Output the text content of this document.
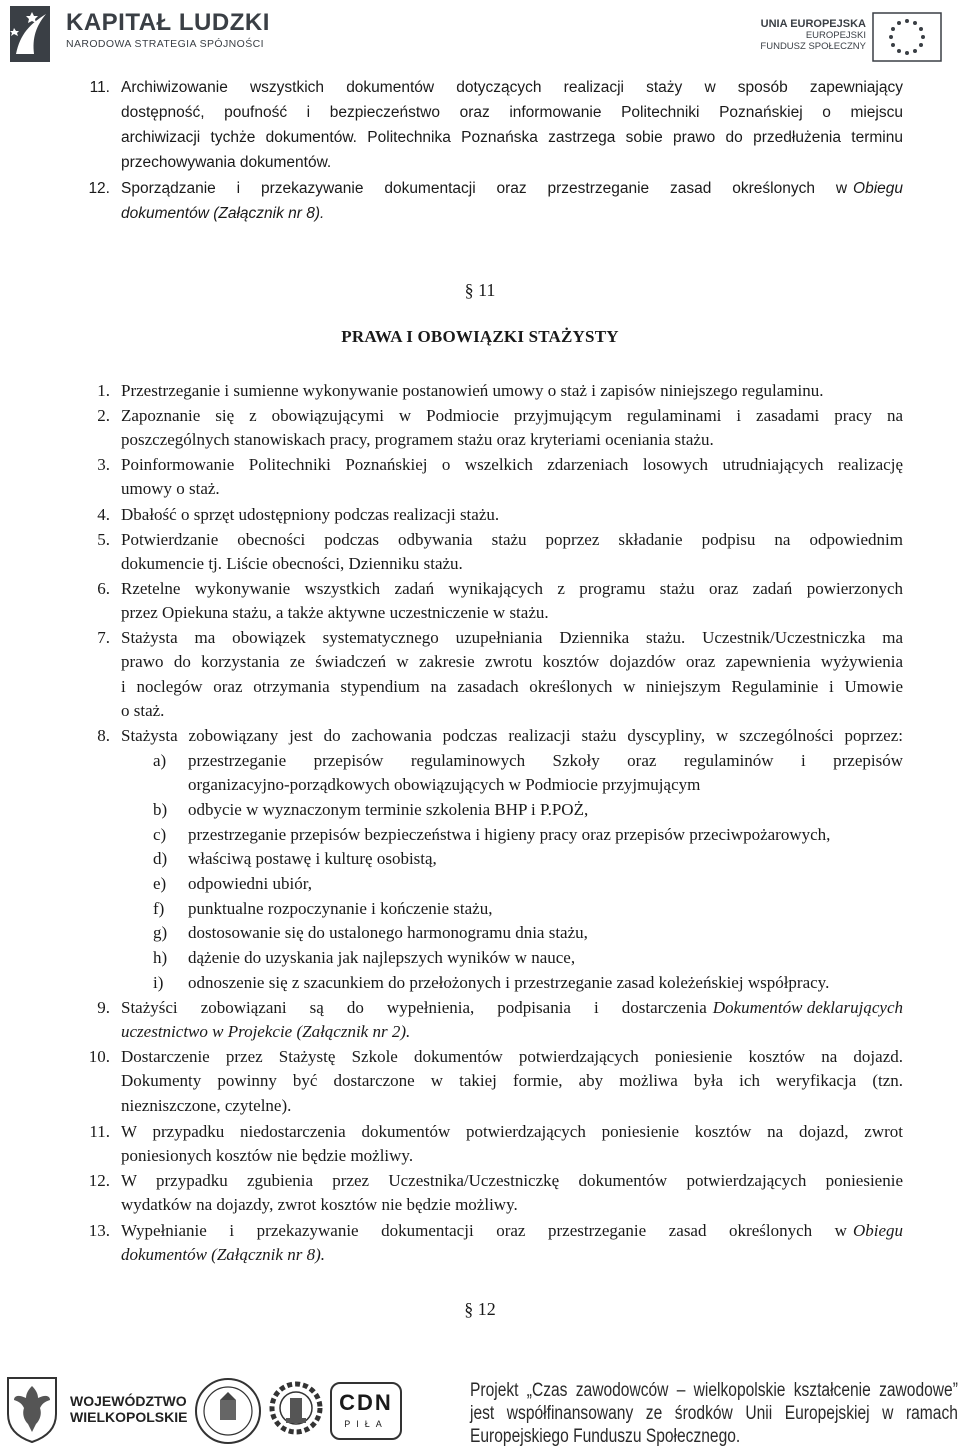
KAPITAŁ LUDZKI
NARODOWA STRATEGIA SPÓJNOŚCI
UNIA EUROPEJSKA
EUROPEJSKI
FUNDUSZ SPOŁECZNY
11. Archiwizowanie wszystkich dokumentów dotyczących realizacji staży w sposób zapewniający
dostępność, poufność i bezpieczeństwo oraz informowanie Politechniki Poznańskiej o miejscu
archiwizacji tychże dokumentów. Politechnika Poznańska zastrzega sobie prawo do przedłużenia terminu
przechowywania dokumentów.
12. Sporządzanie i przekazywanie dokumentacji oraz przestrzeganie zasad określonych w Obiegu
dokumentów (Załącznik nr 8).
§ 11
PRAWA I OBOWIĄZKI STAŻYSTY
1. Przestrzeganie i sumienne wykonywanie postanowień umowy o staż i zapisów niniejszego regulaminu.
2. Zapoznanie się z obowiązującymi w Podmiocie przyjmującym regulaminami i zasadami pracy na
poszczególnych stanowiskach pracy, programem stażu oraz kryteriami oceniania stażu.
3. Poinformowanie Politechniki Poznańskiej o wszelkich zdarzeniach losowych utrudniających realizację
umowy o staż.
4. Dbałość o sprzęt udostępniony podczas realizacji stażu.
5. Potwierdzanie obecności podczas odbywania stażu poprzez składanie podpisu na odpowiednim
dokumencie tj. Liście obecności, Dzienniku stażu.
6. Rzetelne wykonywanie wszystkich zadań wynikających z programu stażu oraz zadań powierzonych
przez Opiekuna stażu, a także aktywne uczestniczenie w stażu.
7. Stażysta ma obowiązek systematycznego uzupełniania Dziennika stażu. Uczestnik/Uczestniczka ma
prawo do korzystania ze świadczeń w zakresie zwrotu kosztów dojazdów oraz zapewnienia wyżywienia
i noclegów oraz otrzymania stypendium na zasadach określonych w niniejszym Regulaminie i Umowie
o staż.
8. Stażysta zobowiązany jest do zachowania podczas realizacji stażu dyscypliny, w szczególności poprzez:
a) przestrzeganie przepisów regulaminowych Szkoły oraz regulaminów i przepisów
organizacyjno-porządkowych obowiązujących w Podmiocie przyjmującym
b) odbycie w wyznaczonym terminie szkolenia BHP i P.POŻ,
c) przestrzeganie przepisów bezpieczeństwa i higieny pracy oraz przepisów przeciwpożarowych,
d) właściwą postawę i kulturę osobistą,
e) odpowiedni ubiór,
f) punktualne rozpoczynanie i kończenie stażu,
g) dostosowanie się do ustalonego harmonogramu dnia stażu,
h) dążenie do uzyskania jak najlepszych wyników w nauce,
i) odnoszenie się z szacunkiem do przełożonych i przestrzeganie zasad koleżeńskiej współpracy.
9. Stażyści zobowiązani są do wypełnienia, podpisania i dostarczenia Dokumentów deklarujących
uczestnictwo w Projekcie (Załącznik nr 2).
10. Dostarczenie przez Stażystę Szkole dokumentów potwierdzających poniesienie kosztów na dojazd.
Dokumenty powinny być dostarczone w takiej formie, aby możliwa była ich weryfikacja (tzn.
niezniszczone, czytelne).
11. W przypadku niedostarczenia dokumentów potwierdzających poniesienie kosztów na dojazd, zwrot
poniesionych kosztów nie będzie możliwy.
12. W przypadku zgubienia przez Uczestnika/Uczestniczkę dokumentów potwierdzających poniesienie
wydatków na dojazdy, zwrot kosztów nie będzie możliwy.
13. Wypełnianie i przekazywanie dokumentacji oraz przestrzeganie zasad określonych w Obiegu
dokumentów (Załącznik nr 8).
§ 12
WOJEWÓDZTWO
WIELKOPOLSKIE
CDN
PIŁA
Projekt „Czas zawodowców – wielkopolskie kształcenie zawodowe”
jest współfinansowany ze środków Unii Europejskiej w ramach
Europejskiego Funduszu Społecznego.
